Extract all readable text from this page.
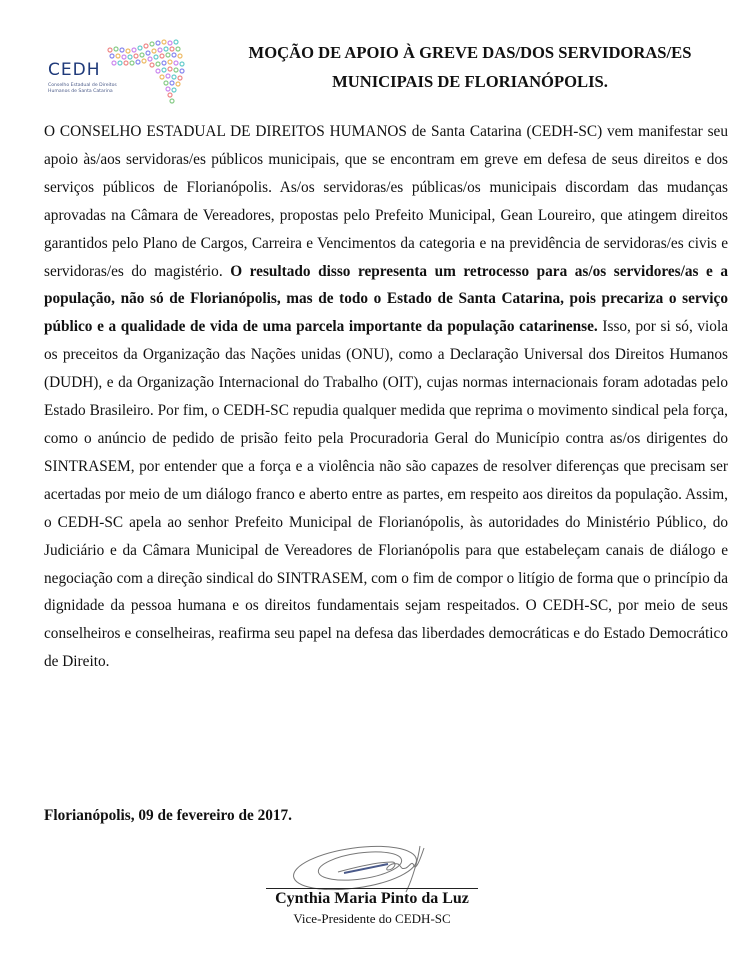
CEDH
Conselho Estadual de Direitos
Humanos de Santa Catarina
MOÇÃO DE APOIO À GREVE DAS/DOS SERVIDORAS/ES
MUNICIPAIS DE FLORIANÓPOLIS.
O CONSELHO ESTADUAL DE DIREITOS HUMANOS de Santa Catarina (CEDH-SC) vem manifestar seu apoio às/aos servidoras/es públicos municipais, que se encontram em greve em defesa de seus direitos e dos serviços públicos de Florianópolis. As/os servidoras/es públicas/os municipais discordam das mudanças aprovadas na Câmara de Vereadores, propostas pelo Prefeito Municipal, Gean Loureiro, que atingem direitos garantidos pelo Plano de Cargos, Carreira e Vencimentos da categoria e na previdência de servidoras/es civis e servidoras/es do magistério. O resultado disso representa um retrocesso para as/os servidores/as e a população, não só de Florianópolis, mas de todo o Estado de Santa Catarina, pois precariza o serviço público e a qualidade de vida de uma parcela importante da população catarinense. Isso, por si só, viola os preceitos da Organização das Nações unidas (ONU), como a Declaração Universal dos Direitos Humanos (DUDH), e da Organização Internacional do Trabalho (OIT), cujas normas internacionais foram adotadas pelo Estado Brasileiro. Por fim, o CEDH-SC repudia qualquer medida que reprima o movimento sindical pela força, como o anúncio de pedido de prisão feito pela Procuradoria Geral do Município contra as/os dirigentes do SINTRASEM, por entender que a força e a violência não são capazes de resolver diferenças que precisam ser acertadas por meio de um diálogo franco e aberto entre as partes, em respeito aos direitos da população. Assim, o CEDH-SC apela ao senhor Prefeito Municipal de Florianópolis, às autoridades do Ministério Público, do Judiciário e da Câmara Municipal de Vereadores de Florianópolis para que estabeleçam canais de diálogo e negociação com a direção sindical do SINTRASEM, com o fim de compor o litígio de forma que o princípio da dignidade da pessoa humana e os direitos fundamentais sejam respeitados. O CEDH-SC, por meio de seus conselheiros e conselheiras, reafirma seu papel na defesa das liberdades democráticas e do Estado Democrático de Direito.
Florianópolis, 09 de fevereiro de 2017.
Cynthia Maria Pinto da Luz
Vice-Presidente do CEDH-SC
